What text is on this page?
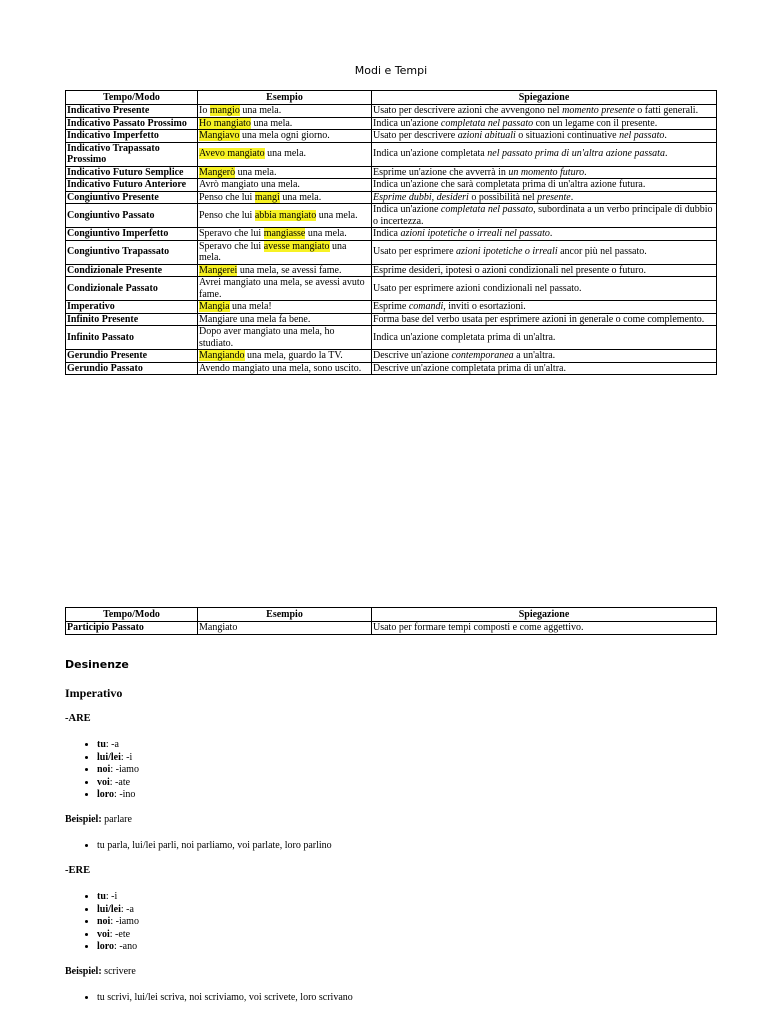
Modi e Tempi
Tempo/Modo	Esempio	Spiegazione
Indicativo Presente	Io mangio una mela.	Usato per descrivere azioni che avvengono nel momento presente o fatti generali.
Indicativo Passato Prossimo	Ho mangiato una mela.	Indica un'azione completata nel passato con un legame con il presente.
Indicativo Imperfetto	Mangiavo una mela ogni giorno.	Usato per descrivere azioni abituali o situazioni continuative nel passato.
Indicativo Trapassato Prossimo	Avevo mangiato una mela.	Indica un'azione completata nel passato prima di un'altra azione passata.
Indicativo Futuro Semplice	Mangerò una mela.	Esprime un'azione che avverrà in un momento futuro.
Indicativo Futuro Anteriore	Avrò mangiato una mela.	Indica un'azione che sarà completata prima di un'altra azione futura.
Congiuntivo Presente	Penso che lui mangi una mela.	Esprime dubbi, desideri o possibilità nel presente.
Congiuntivo Passato	Penso che lui abbia mangiato una mela.	Indica un'azione completata nel passato, subordinata a un verbo principale di dubbio o incertezza.
Congiuntivo Imperfetto	Speravo che lui mangiasse una mela.	Indica azioni ipotetiche o irreali nel passato.
Congiuntivo Trapassato	Speravo che lui avesse mangiato una mela.	Usato per esprimere azioni ipotetiche o irreali ancor più nel passato.
Condizionale Presente	Mangerei una mela, se avessi fame.	Esprime desideri, ipotesi o azioni condizionali nel presente o futuro.
Condizionale Passato	Avrei mangiato una mela, se avessi avuto fame.	Usato per esprimere azioni condizionali nel passato.
Imperativo	Mangia una mela!	Esprime comandi, inviti o esortazioni.
Infinito Presente	Mangiare una mela fa bene.	Forma base del verbo usata per esprimere azioni in generale o come complemento.
Infinito Passato	Dopo aver mangiato una mela, ho studiato.	Indica un'azione completata prima di un'altra.
Gerundio Presente	Mangiando una mela, guardo la TV.	Descrive un'azione contemporanea a un'altra.
Gerundio Passato	Avendo mangiato una mela, sono uscito.	Descrive un'azione completata prima di un'altra.
Tempo/Modo	Esempio	Spiegazione
Participio Passato	Mangiato	Usato per formare tempi composti e come aggettivo.
Desinenze
Imperativo
-ARE
• tu: -a
• lui/lei: -i
• noi: -iamo
• voi: -ate
• loro: -ino

Beispiel: parlare

• tu parla, lui/lei parli, noi parliamo, voi parlate, loro parlino
-ERE
• tu: -i
• lui/lei: -a
• noi: -iamo
• voi: -ete
• loro: -ano

Beispiel: scrivere

• tu scrivi, lui/lei scriva, noi scriviamo, voi scrivete, loro scrivano
